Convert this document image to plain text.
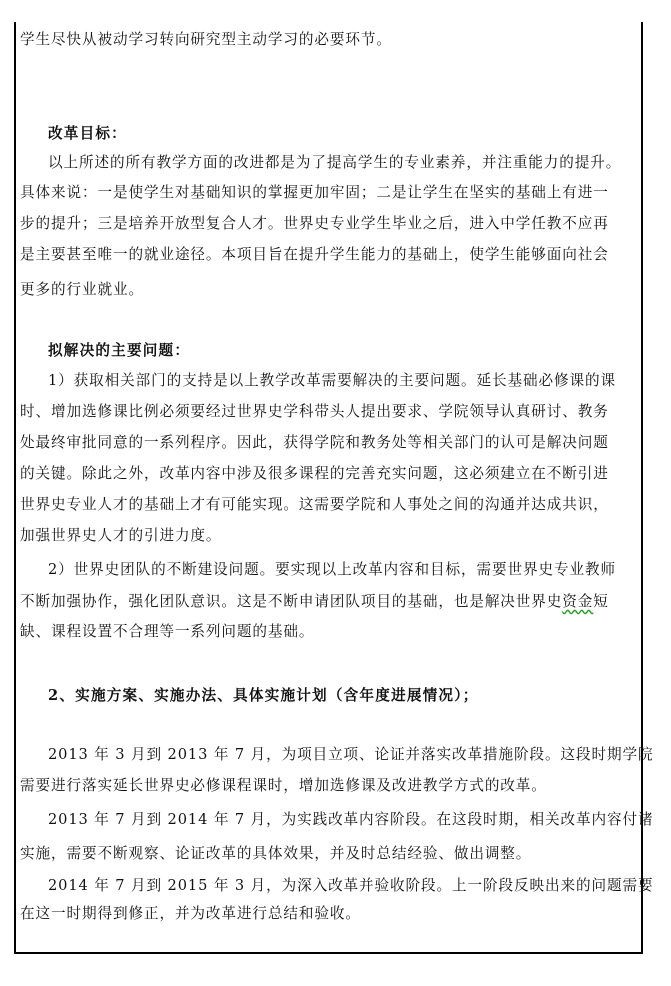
学生尽快从被动学习转向研究型主动学习的必要环节。
改革目标：
以上所述的所有教学方面的改进都是为了提高学生的专业素养，并注重能力的提升。
具体来说：一是使学生对基础知识的掌握更加牢固；二是让学生在坚实的基础上有进一
步的提升；三是培养开放型复合人才。世界史专业学生毕业之后，进入中学任教不应再
是主要甚至唯一的就业途径。本项目旨在提升学生能力的基础上，使学生能够面向社会
更多的行业就业。
拟解决的主要问题：
1）获取相关部门的支持是以上教学改革需要解决的主要问题。延长基础必修课的课
时、增加选修课比例必须要经过世界史学科带头人提出要求、学院领导认真研讨、教务
处最终审批同意的一系列程序。因此，获得学院和教务处等相关部门的认可是解决问题
的关键。除此之外，改革内容中涉及很多课程的完善充实问题，这必须建立在不断引进
世界史专业人才的基础上才有可能实现。这需要学院和人事处之间的沟通并达成共识，
加强世界史人才的引进力度。
2）世界史团队的不断建设问题。要实现以上改革内容和目标，需要世界史专业教师
不断加强协作，强化团队意识。这是不断申请团队项目的基础，也是解决世界史资金短
缺、课程设置不合理等一系列问题的基础。
2、实施方案、实施办法、具体实施计划（含年度进展情况）；
2013 年 3 月到 2013 年 7 月，为项目立项、论证并落实改革措施阶段。这段时期学院
需要进行落实延长世界史必修课程课时，增加选修课及改进教学方式的改革。
2013 年 7 月到 2014 年 7 月，为实践改革内容阶段。在这段时期，相关改革内容付诸
实施，需要不断观察、论证改革的具体效果，并及时总结经验、做出调整。
2014 年 7 月到 2015 年 3 月，为深入改革并验收阶段。上一阶段反映出来的问题需要
在这一时期得到修正，并为改革进行总结和验收。
